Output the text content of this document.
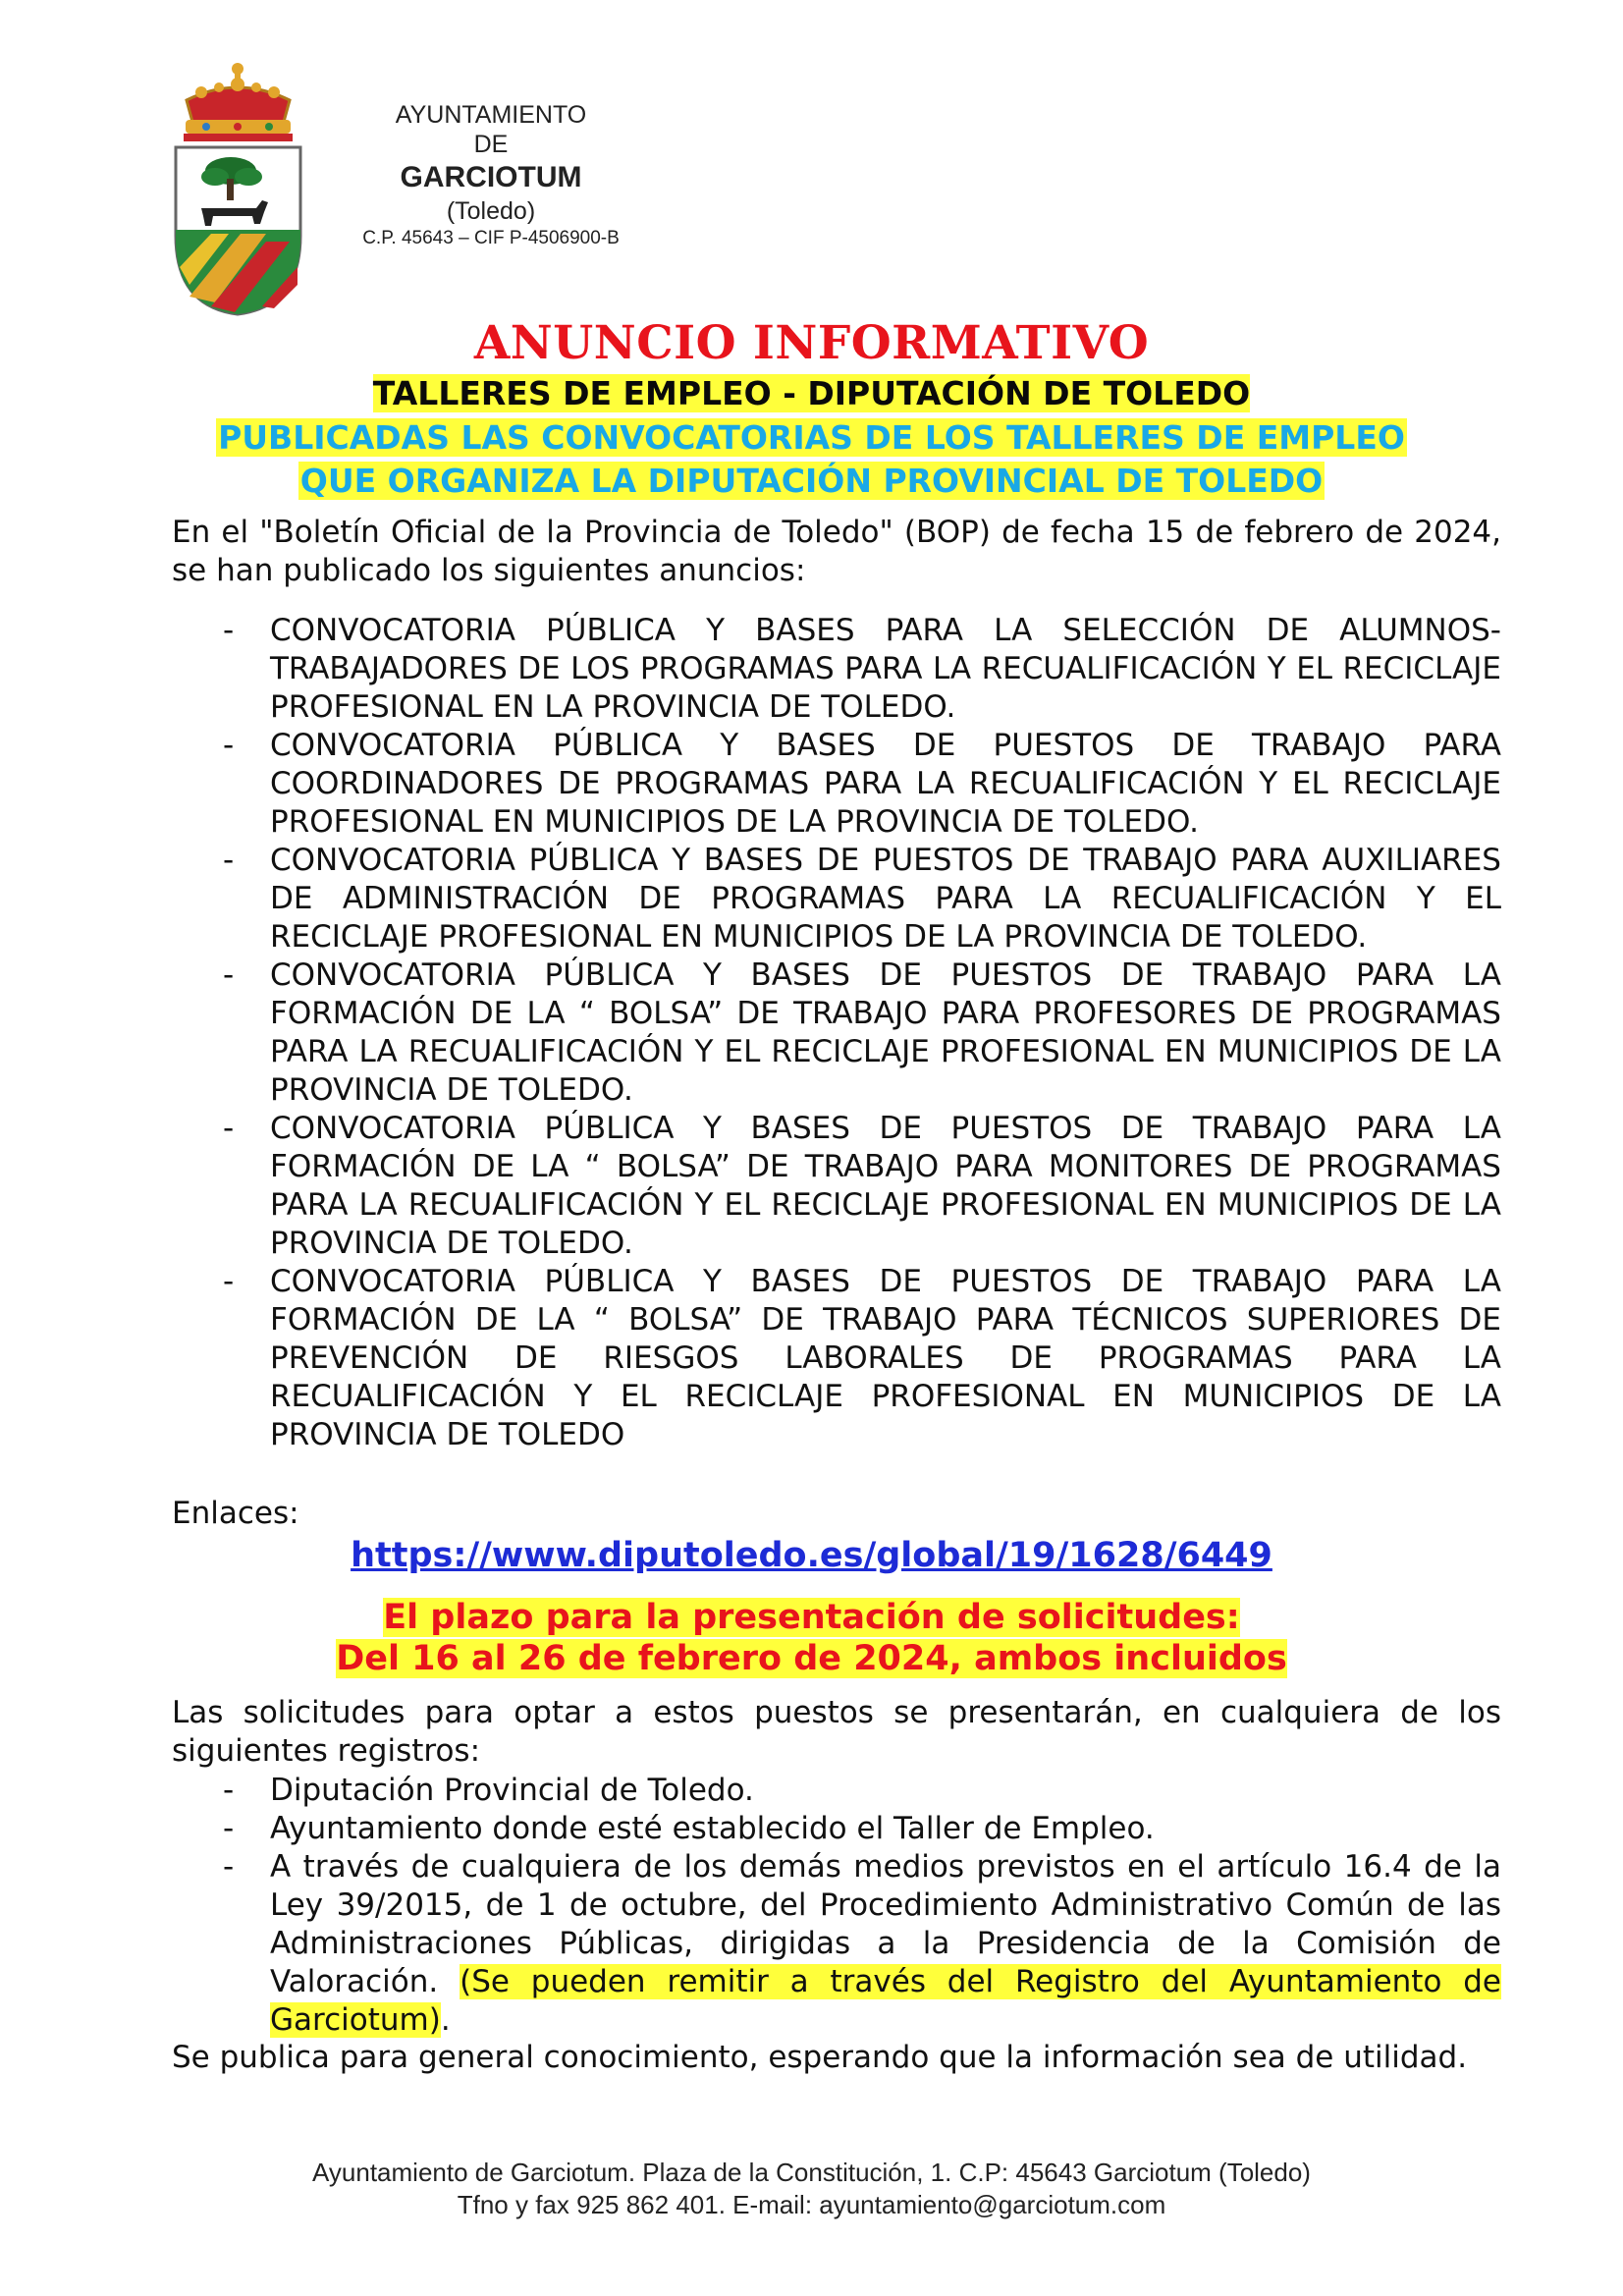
AYUNTAMIENTO
DE
GARCIOTUM
(Toledo)
C.P. 45643 – CIF P-4506900-B
ANUNCIO INFORMATIVO
TALLERES DE EMPLEO - DIPUTACIÓN DE TOLEDO
PUBLICADAS LAS CONVOCATORIAS DE LOS TALLERES DE EMPLEO
QUE ORGANIZA LA DIPUTACIÓN PROVINCIAL DE TOLEDO
En el "Boletín Oficial de la Provincia de Toledo" (BOP) de fecha 15 de febrero de 2024, se han publicado los siguientes anuncios:
- CONVOCATORIA PÚBLICA Y BASES PARA LA SELECCIÓN DE ALUMNOS-TRABAJADORES DE LOS PROGRAMAS PARA LA RECUALIFICACIÓN Y EL RECICLAJE PROFESIONAL EN LA PROVINCIA DE TOLEDO.
- CONVOCATORIA PÚBLICA Y BASES DE PUESTOS DE TRABAJO PARA COORDINADORES DE PROGRAMAS PARA LA RECUALIFICACIÓN Y EL RECICLAJE PROFESIONAL EN MUNICIPIOS DE LA PROVINCIA DE TOLEDO.
- CONVOCATORIA PÚBLICA Y BASES DE PUESTOS DE TRABAJO PARA AUXILIARES DE ADMINISTRACIÓN DE PROGRAMAS PARA LA RECUALIFICACIÓN Y EL RECICLAJE PROFESIONAL EN MUNICIPIOS DE LA PROVINCIA DE TOLEDO.
- CONVOCATORIA PÚBLICA Y BASES DE PUESTOS DE TRABAJO PARA LA FORMACIÓN DE LA “ BOLSA” DE TRABAJO PARA PROFESORES DE PROGRAMAS PARA LA RECUALIFICACIÓN Y EL RECICLAJE PROFESIONAL EN MUNICIPIOS DE LA PROVINCIA DE TOLEDO.
- CONVOCATORIA PÚBLICA Y BASES DE PUESTOS DE TRABAJO PARA LA FORMACIÓN DE LA “ BOLSA” DE TRABAJO PARA MONITORES DE PROGRAMAS PARA LA RECUALIFICACIÓN Y EL RECICLAJE PROFESIONAL EN MUNICIPIOS DE LA PROVINCIA DE TOLEDO.
- CONVOCATORIA PÚBLICA Y BASES DE PUESTOS DE TRABAJO PARA LA FORMACIÓN DE LA “ BOLSA” DE TRABAJO PARA TÉCNICOS SUPERIORES DE PREVENCIÓN DE RIESGOS LABORALES DE PROGRAMAS PARA LA RECUALIFICACIÓN Y EL RECICLAJE PROFESIONAL EN MUNICIPIOS DE LA PROVINCIA DE TOLEDO
Enlaces:
https://www.diputoledo.es/global/19/1628/6449
El plazo para la presentación de solicitudes:
Del 16 al 26 de febrero de 2024, ambos incluidos
Las solicitudes para optar a estos puestos se presentarán, en cualquiera de los siguientes registros:
- Diputación Provincial de Toledo.
- Ayuntamiento donde esté establecido el Taller de Empleo.
- A través de cualquiera de los demás medios previstos en el artículo 16.4 de la Ley 39/2015, de 1 de octubre, del Procedimiento Administrativo Común de las Administraciones Públicas, dirigidas a la Presidencia de la Comisión de Valoración. (Se pueden remitir a través del Registro del Ayuntamiento de Garciotum).
Se publica para general conocimiento, esperando que la información sea de utilidad.
Ayuntamiento de Garciotum. Plaza de la Constitución, 1. C.P: 45643 Garciotum (Toledo)
Tfno y fax 925 862 401. E-mail: ayuntamiento@garciotum.com
